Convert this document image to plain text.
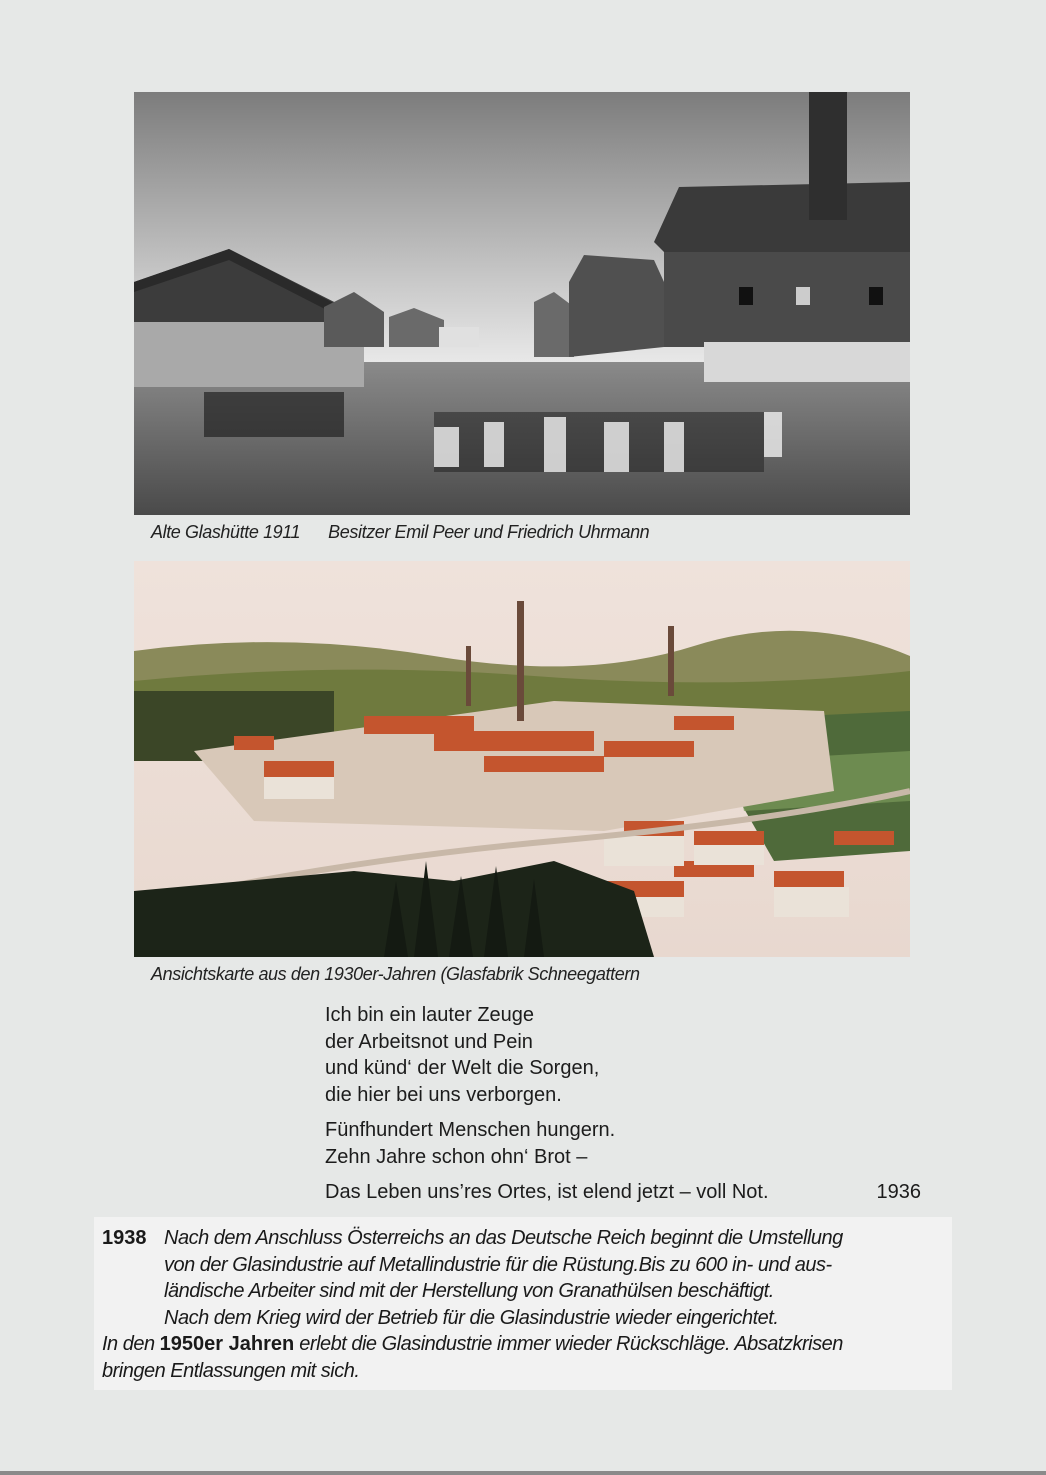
Alte Glashütte 1911 Besitzer Emil Peer und Friedrich Uhrmann
Ansichtskarte aus den 1930er-Jahren (Glasfabrik Schneegattern
Ich bin ein lauter Zeuge
der Arbeitsnot und Pein
und künd‘ der Welt die Sorgen,
die hier bei uns verborgen.
Fünfhundert Menschen hungern.
Zehn Jahre schon ohn‘ Brot –
Das Leben uns’res Ortes, ist elend jetzt – voll Not.	1936
1938 Nach dem Anschluss Österreichs an das Deutsche Reich beginnt die Umstellung
von der Glasindustrie auf Metallindustrie für die Rüstung.Bis zu 600 in- und aus-
ländische Arbeiter sind mit der Herstellung von Granathülsen beschäftigt.
Nach dem Krieg wird der Betrieb für die Glasindustrie wieder eingerichtet.
In den 1950er Jahren erlebt die Glasindustrie immer wieder Rückschläge. Absatzkrisen
bringen Entlassungen mit sich.
